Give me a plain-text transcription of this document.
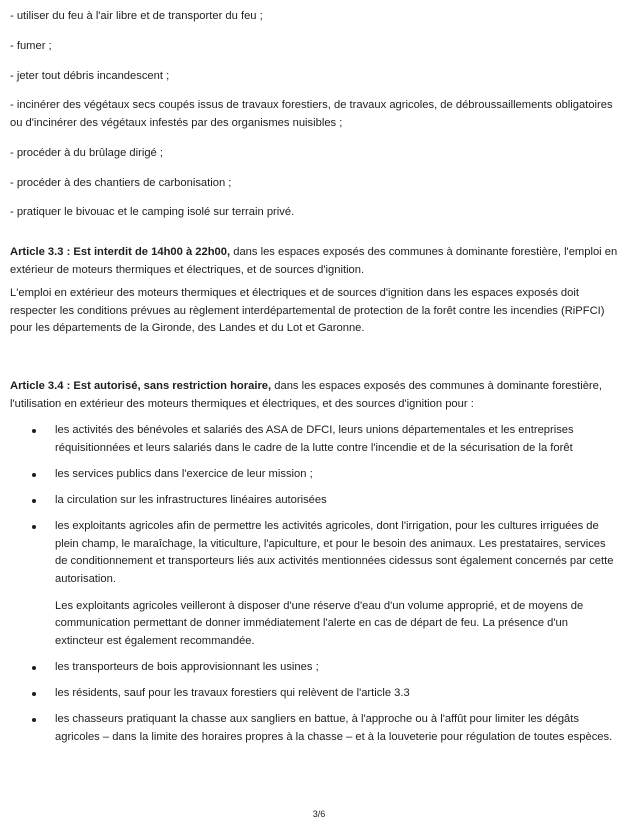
- utiliser du feu à l'air libre et de transporter du feu ;
- fumer ;
- jeter tout débris incandescent ;
- incinérer des végétaux secs coupés issus de travaux forestiers, de travaux agricoles, de débroussaillements obligatoires ou d'incinérer des végétaux infestés par des organismes nuisibles ;
- procéder à du brûlage dirigé ;
- procéder à des chantiers de carbonisation ;
- pratiquer le bivouac et le camping isolé sur terrain privé.

Article 3.3 : Est interdit de 14h00 à 22h00, dans les espaces exposés des communes à dominante forestière, l'emploi en extérieur de moteurs thermiques et électriques, et de sources d'ignition.

L'emploi en extérieur des moteurs thermiques et électriques et de sources d'ignition dans les espaces exposés doit respecter les conditions prévues au règlement interdépartemental de protection de la forêt contre les incendies (RiPFCI) pour les départements de la Gironde, des Landes et du Lot et Garonne.

Article 3.4 : Est autorisé, sans restriction horaire, dans les espaces exposés des communes à dominante forestière, l'utilisation en extérieur des moteurs thermiques et électriques, et des sources d'ignition pour :

les activités des bénévoles et salariés des ASA de DFCI, leurs unions départementales et les entreprises réquisitionnées et leurs salariés dans le cadre de la lutte contre l'incendie et de la sécurisation de la forêt
les services publics dans l'exercice de leur mission ;
la circulation sur les infrastructures linéaires autorisées
les exploitants agricoles afin de permettre les activités agricoles, dont l'irrigation, pour les cultures irriguées de plein champ, le maraîchage, la viticulture, l'apiculture, et pour le besoin des animaux. Les prestataires, services de conditionnement et transporteurs liés aux activités mentionnées cidessus sont également concernés par cette autorisation.
Les exploitants agricoles veilleront à disposer d'une réserve d'eau d'un volume approprié, et de moyens de communication permettant de donner immédiatement l'alerte en cas de départ de feu. La présence d'un extincteur est également recommandée.
les transporteurs de bois approvisionnant les usines ;
les résidents, sauf pour les travaux forestiers qui relèvent de l'article 3.3
les chasseurs pratiquant la chasse aux sangliers en battue, à l'approche ou à l'affût pour limiter les dégâts agricoles – dans la limite des horaires propres à la chasse – et à la louveterie pour régulation de toutes espèces.
3/6
